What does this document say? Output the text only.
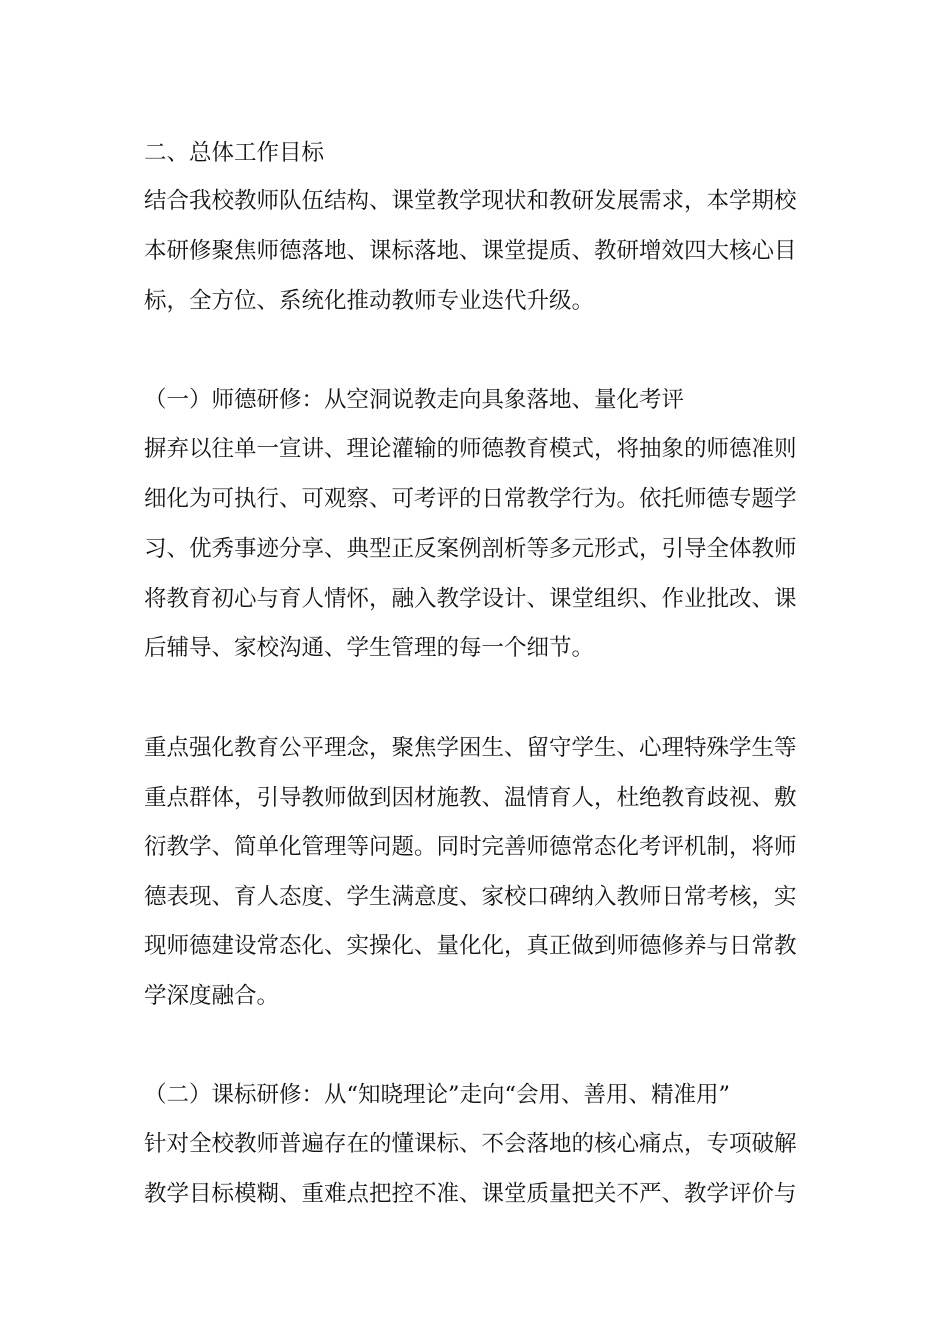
二、总体工作目标
结合我校教师队伍结构、课堂教学现状和教研发展需求，本学期校
本研修聚焦师德落地、课标落地、课堂提质、教研增效四大核心目
标，全方位、系统化推动教师专业迭代升级。
（一）师德研修：从空洞说教走向具象落地、量化考评
摒弃以往单一宣讲、理论灌输的师德教育模式，将抽象的师德准则
细化为可执行、可观察、可考评的日常教学行为。依托师德专题学
习、优秀事迹分享、典型正反案例剖析等多元形式，引导全体教师
将教育初心与育人情怀，融入教学设计、课堂组织、作业批改、课
后辅导、家校沟通、学生管理的每一个细节。
重点强化教育公平理念，聚焦学困生、留守学生、心理特殊学生等
重点群体，引导教师做到因材施教、温情育人，杜绝教育歧视、敷
衍教学、简单化管理等问题。同时完善师德常态化考评机制，将师
德表现、育人态度、学生满意度、家校口碑纳入教师日常考核，实
现师德建设常态化、实操化、量化化，真正做到师德修养与日常教
学深度融合。
（二）课标研修：从“知晓理论”走向“会用、善用、精准用”
针对全校教师普遍存在的懂课标、不会落地的核心痛点，专项破解
教学目标模糊、重难点把控不准、课堂质量把关不严、教学评价与
